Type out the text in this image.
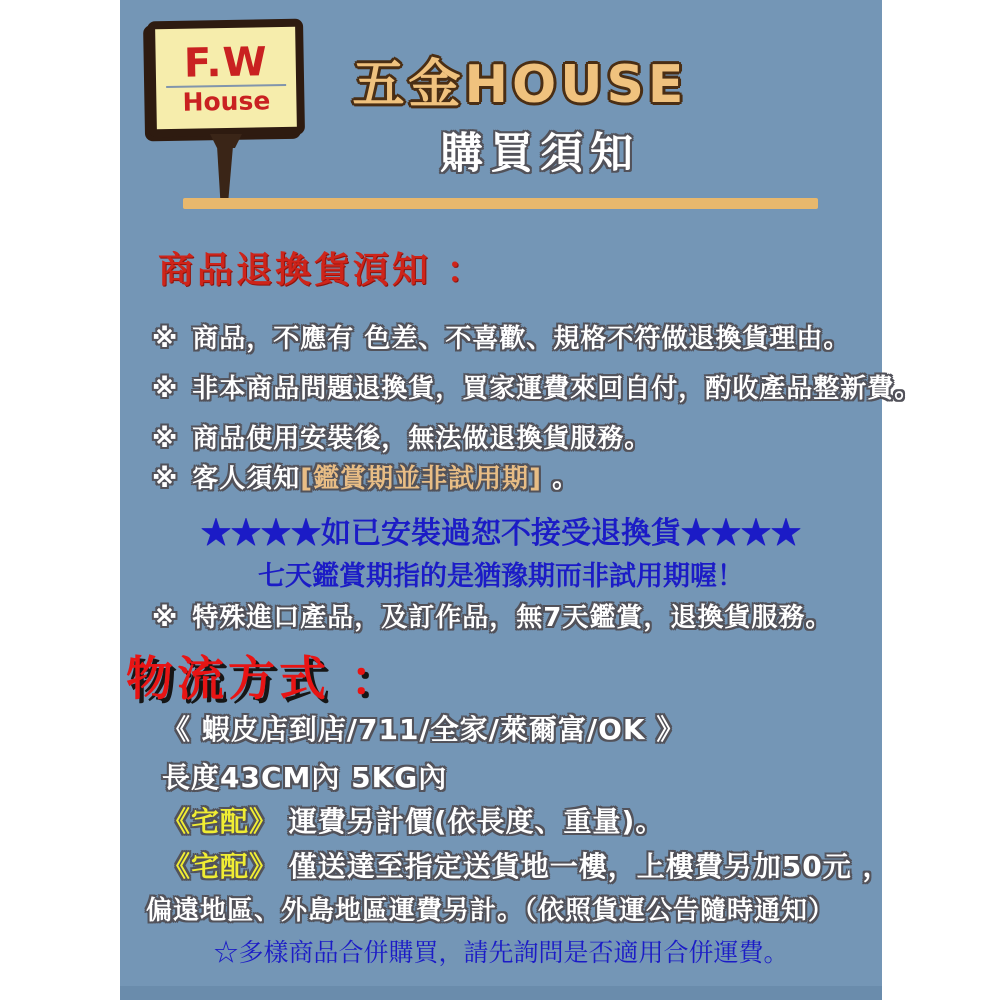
F.W
House	五金HOUSE
購買須知
商品退換貨湏知 ：
※ 商品，不應有 色差、不喜歡、規格不符做退換貨理由。
※ 非本商品問題退換貨，買家運費來回自付，酌收產品整新費。
※ 商品使用安裝後，無法做退換貨服務。
※ 客人須知[鑑賞期並非試用期] 。
★★★★如已安裝過恕不接受退換貨★★★★
七天鑑賞期指的是猶豫期而非試用期喔！
※ 特殊進口產品，及訂作品，無7天鑑賞，退換貨服務。
物流方式 ：
《 蝦皮店到店/711/全家/萊爾富/OK 》
長度43CM內 5KG內
《宅配》 運費另計價(依長度、重量)。
《宅配》 僅送達至指定送貨地一樓，上樓費另加50元 ，
偏遠地區、外島地區運費另計。（依照貨運公告隨時通知）
☆多樣商品合併購買，請先詢問是否適用合併運費。
